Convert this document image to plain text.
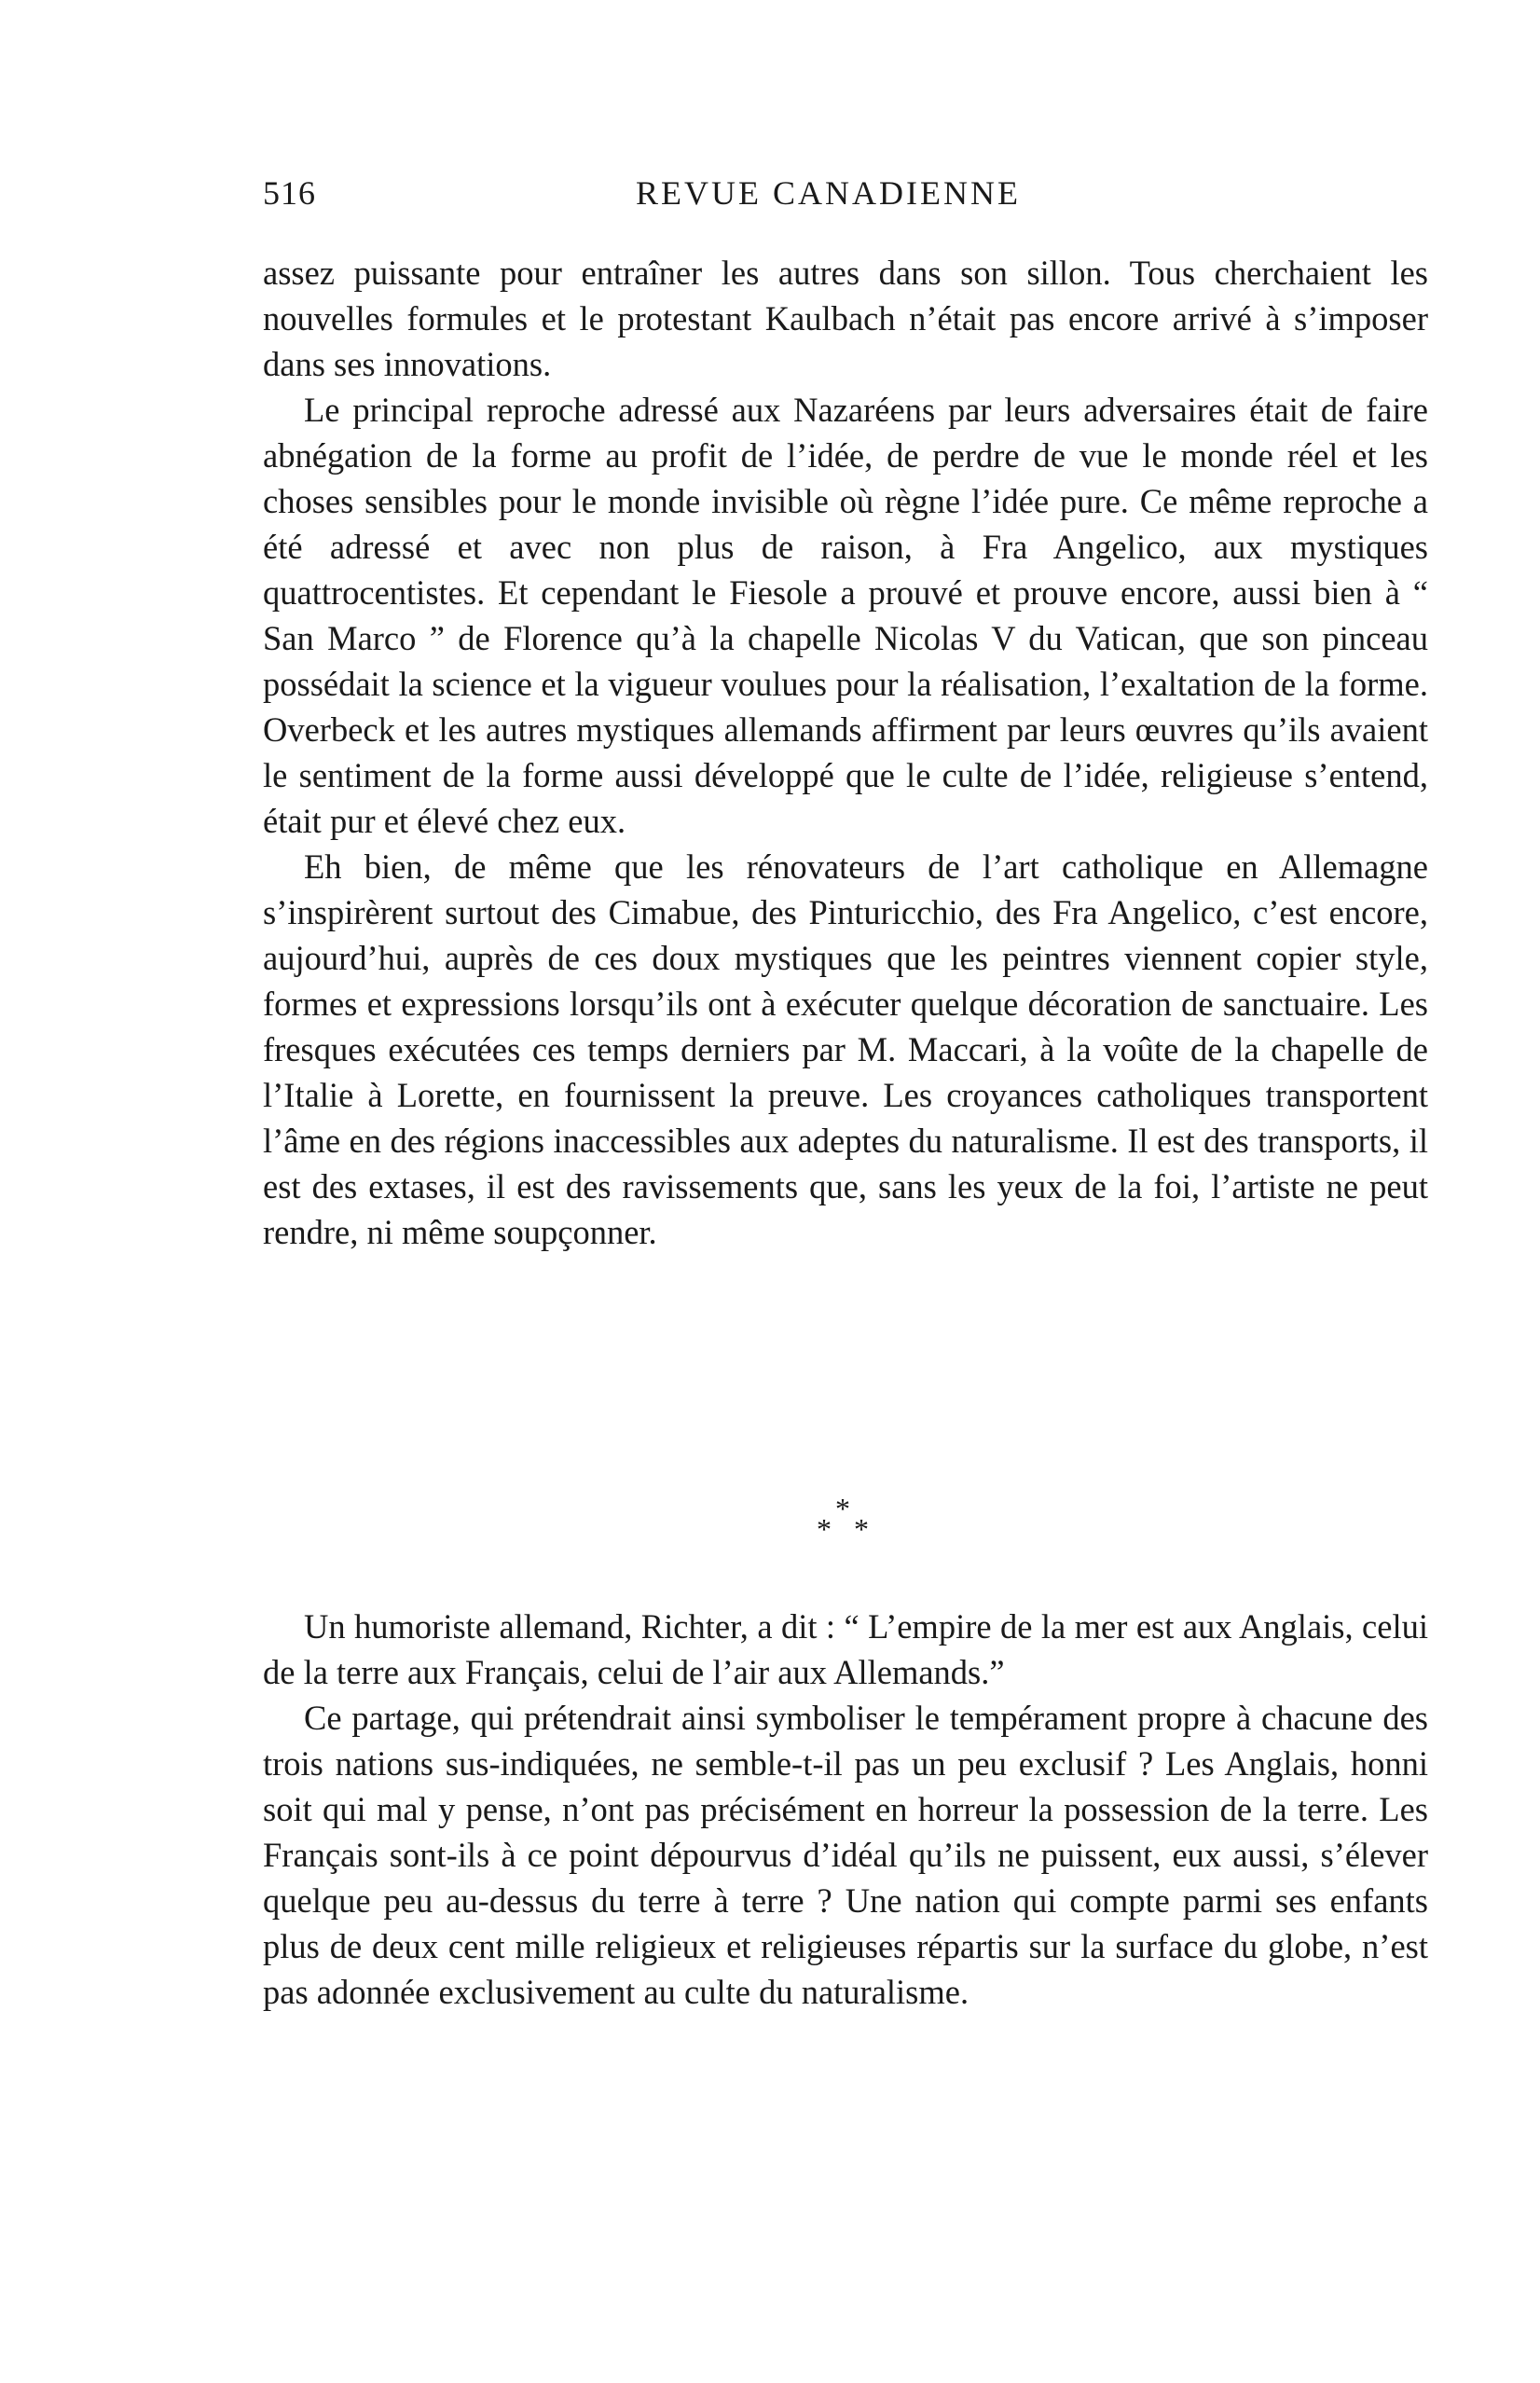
516	REVUE CANADIENNE

assez puissante pour entraîner les autres dans son sillon. Tous cherchaient les nouvelles formules et le protestant Kaulbach n’était pas encore arrivé à s’imposer dans ses innovations.

Le principal reproche adressé aux Nazaréens par leurs adversaires était de faire abnégation de la forme au profit de l’idée, de perdre de vue le monde réel et les choses sensibles pour le monde invisible où règne l’idée pure. Ce même reproche a été adressé et avec non plus de raison, à Fra Angelico, aux mystiques quattrocentistes. Et cependant le Fiesole a prouvé et prouve encore, aussi bien à “ San Marco ” de Florence qu’à la chapelle Nicolas V du Vatican, que son pinceau possédait la science et la vigueur voulues pour la réalisation, l’exaltation de la forme. Overbeck et les autres mystiques allemands affirment par leurs œuvres qu’ils avaient le sentiment de la forme aussi développé que le culte de l’idée, religieuse s’entend, était pur et élevé chez eux.

Eh bien, de même que les rénovateurs de l’art catholique en Allemagne s’inspirèrent surtout des Cimabue, des Pinturicchio, des Fra Angelico, c’est encore, aujourd’hui, auprès de ces doux mystiques que les peintres viennent copier style, formes et expressions lorsqu’ils ont à exécuter quelque décoration de sanctuaire. Les fresques exécutées ces temps derniers par M. Maccari, à la voûte de la chapelle de l’Italie à Lorette, en fournissent la preuve. Les croyances catholiques transportent l’âme en des régions inaccessibles aux adeptes du naturalisme. Il est des transports, il est des extases, il est des ravissements que, sans les yeux de la foi, l’artiste ne peut rendre, ni même soupçonner.

*
* *

Un humoriste allemand, Richter, a dit : “ L’empire de la mer est aux Anglais, celui de la terre aux Français, celui de l’air aux Allemands.”

Ce partage, qui prétendrait ainsi symboliser le tempérament propre à chacune des trois nations sus-indiquées, ne semble-t-il pas un peu exclusif ? Les Anglais, honni soit qui mal y pense, n’ont pas précisément en horreur la possession de la terre. Les Français sont-ils à ce point dépourvus d’idéal qu’ils ne puissent, eux aussi, s’élever quelque peu au-dessus du terre à terre ? Une nation qui compte parmi ses enfants plus de deux cent mille religieux et religieuses répartis sur la surface du globe, n’est pas adonnée exclusivement au culte du naturalisme.
